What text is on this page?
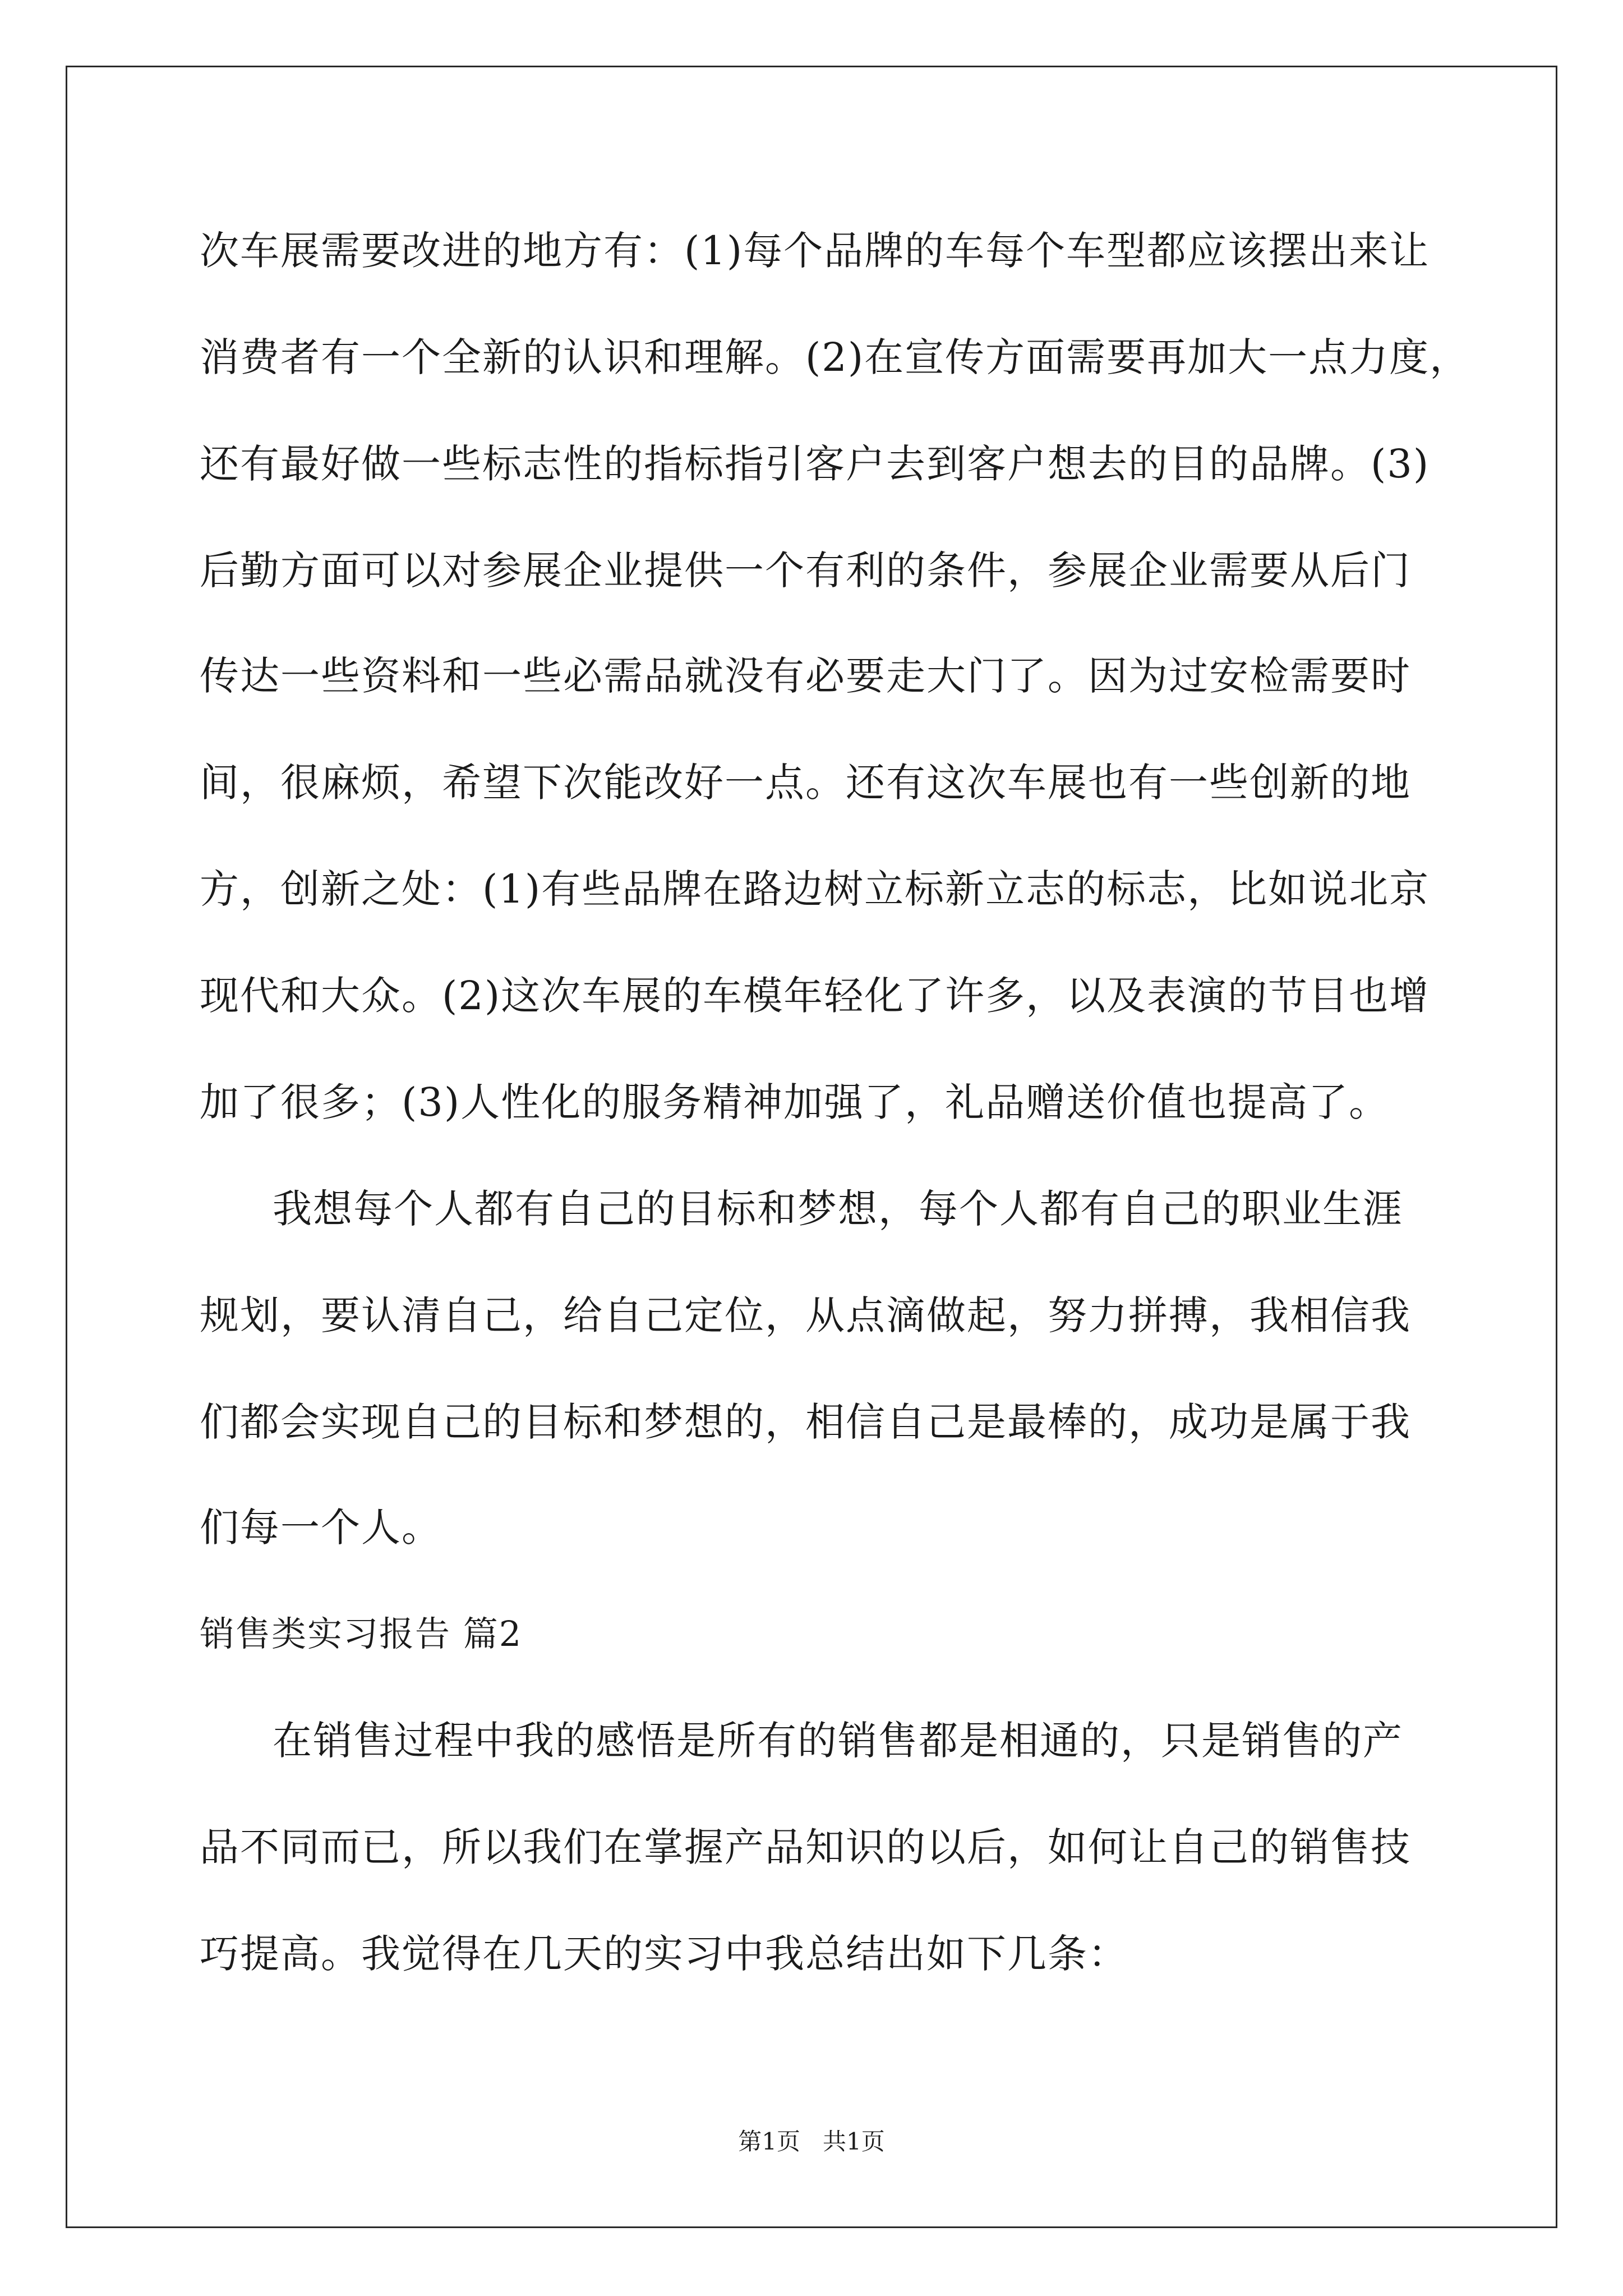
次车展需要改进的地方有：(1)每个品牌的车每个车型都应该摆出来让
消费者有一个全新的认识和理解。(2)在宣传方面需要再加大一点力度，
还有最好做一些标志性的指标指引客户去到客户想去的目的品牌。(3)
后勤方面可以对参展企业提供一个有利的条件，参展企业需要从后门
传达一些资料和一些必需品就没有必要走大门了。因为过安检需要时
间，很麻烦，希望下次能改好一点。还有这次车展也有一些创新的地
方，创新之处：(1)有些品牌在路边树立标新立志的标志，比如说北京
现代和大众。(2)这次车展的车模年轻化了许多，以及表演的节目也增
加了很多；(3)人性化的服务精神加强了，礼品赠送价值也提高了。
我想每个人都有自己的目标和梦想，每个人都有自己的职业生涯
规划，要认清自己，给自己定位，从点滴做起，努力拼搏，我相信我
们都会实现自己的目标和梦想的，相信自己是最棒的，成功是属于我
们每一个人。
销售类实习报告 篇2
在销售过程中我的感悟是所有的销售都是相通的，只是销售的产
品不同而已，所以我们在掌握产品知识的以后，如何让自己的销售技
巧提高。我觉得在几天的实习中我总结出如下几条：
第1页   共1页
